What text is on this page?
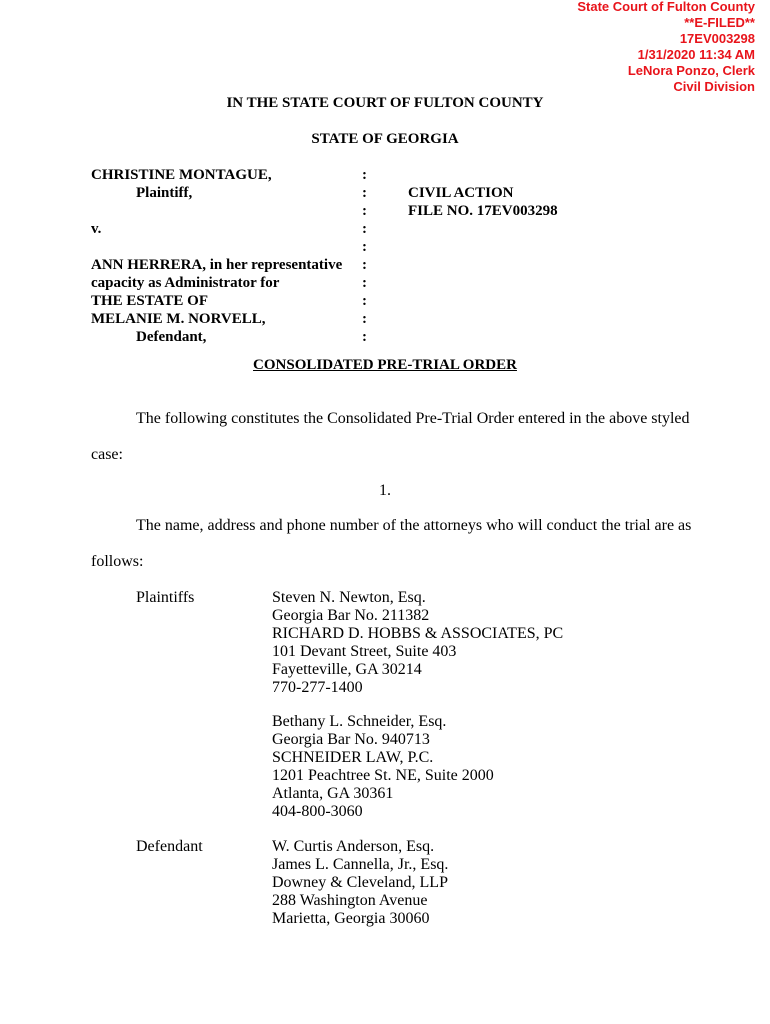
State Court of Fulton County
**E-FILED**
17EV003298
1/31/2020 11:34 AM
LeNora Ponzo, Clerk
Civil Division
IN THE STATE COURT OF FULTON COUNTY
STATE OF GEORGIA
CHRISTINE MONTAGUE,
Plaintiff,
v.
ANN HERRERA, in her representative
capacity as Administrator for
THE ESTATE OF
MELANIE M. NORVELL,
Defendant,
:
:
:
:
:
:
:
:
:
:
CIVIL ACTION
FILE NO. 17EV003298
CONSOLIDATED PRE-TRIAL ORDER
The following constitutes the Consolidated Pre-Trial Order entered in the above styled
case:
1.
The name, address and phone number of the attorneys who will conduct the trial are as
follows:
Plaintiffs	Steven N. Newton, Esq.
Georgia Bar No. 211382
RICHARD D. HOBBS & ASSOCIATES, PC
101 Devant Street, Suite 403
Fayetteville, GA 30214
770-277-1400
Bethany L. Schneider, Esq.
Georgia Bar No. 940713
SCHNEIDER LAW, P.C.
1201 Peachtree St. NE, Suite 2000
Atlanta, GA 30361
404-800-3060
Defendant	W. Curtis Anderson, Esq.
James L. Cannella, Jr., Esq.
Downey & Cleveland, LLP
288 Washington Avenue
Marietta, Georgia 30060
